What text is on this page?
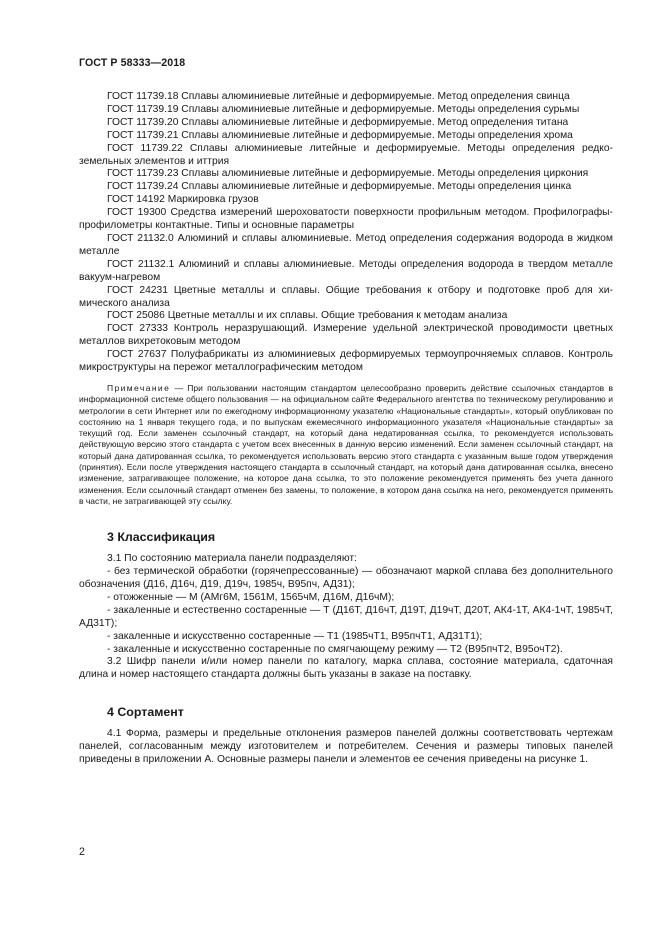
ГОСТ Р 58333—2018

ГОСТ 11739.18 Сплавы алюминиевые литейные и деформируемые. Метод определения свинца

ГОСТ 11739.19 Сплавы алюминиевые литейные и деформируемые. Методы определения сурьмы

ГОСТ 11739.20 Сплавы алюминиевые литейные и деформируемые. Метод определения титана

ГОСТ 11739.21 Сплавы алюминиевые литейные и деформируемые. Методы определения хрома

ГОСТ 11739.22 Сплавы алюминиевые литейные и деформируемые. Методы определения редкоземельных элементов и иттрия

ГОСТ 11739.23 Сплавы алюминиевые литейные и деформируемые. Методы определения циркония

ГОСТ 11739.24 Сплавы алюминиевые литейные и деформируемые. Методы определения цинка

ГОСТ 14192 Маркировка грузов

ГОСТ 19300 Средства измерений шероховатости поверхности профильным методом. Профилографы-профилометры контактные. Типы и основные параметры

ГОСТ 21132.0 Алюминий и сплавы алюминиевые. Метод определения содержания водорода в жидком металле

ГОСТ 21132.1 Алюминий и сплавы алюминиевые. Методы определения водорода в твердом металле вакуум-нагревом

ГОСТ 24231 Цветные металлы и сплавы. Общие требования к отбору и подготовке проб для химического анализа

ГОСТ 25086 Цветные металлы и их сплавы. Общие требования к методам анализа

ГОСТ 27333 Контроль неразрушающий. Измерение удельной электрической проводимости цветных металлов вихретоковым методом

ГОСТ 27637 Полуфабрикаты из алюминиевых деформируемых термоупрочняемых сплавов. Контроль микроструктуры на пережог металлографическим методом

Примечание — При пользовании настоящим стандартом целесообразно проверить действие ссылочных стандартов в информационной системе общего пользования — на официальном сайте Федерального агентства по техническому регулированию и метрологии в сети Интернет или по ежегодному информационному указателю «Национальные стандарты», который опубликован по состоянию на 1 января текущего года, и по выпускам ежемесячного информационного указателя «Национальные стандарты» за текущий год. Если заменен ссылочный стандарт, на который дана недатированная ссылка, то рекомендуется использовать действующую версию этого стандарта с учетом всех внесенных в данную версию изменений. Если заменен ссылочный стандарт, на который дана датированная ссылка, то рекомендуется использовать версию этого стандарта с указанным выше годом утверждения (принятия). Если после утверждения настоящего стандарта в ссылочный стандарт, на который дана датированная ссылка, внесено изменение, затрагивающее положение, на которое дана ссылка, то это положение рекомендуется применять без учета данного изменения. Если ссылочный стандарт отменен без замены, то положение, в котором дана ссылка на него, рекомендуется применять в части, не затрагивающей эту ссылку.

3 Классификация

3.1 По состоянию материала панели подразделяют:

- без термической обработки (горячепрессованные) — обозначают маркой сплава без дополнительного обозначения (Д16, Д16ч, Д19, Д19ч, 1985ч, В95пч, АД31);

- отожженные — М (АМг6М, 1561М, 1565чМ, Д16М, Д16чМ);

- закаленные и естественно состаренные — Т (Д16Т, Д16чТ, Д19Т, Д19чТ, Д20Т, АК4-1Т, АК4-1чТ, 1985чТ, АД31Т);

- закаленные и искусственно состаренные — Т1 (1985чТ1, В95пчТ1, АД31Т1);

- закаленные и искусственно состаренные по смягчающему режиму — Т2 (В95пчТ2, В95очТ2).

3.2 Шифр панели и/или номер панели по каталогу, марка сплава, состояние материала, сдаточная длина и номер настоящего стандарта должны быть указаны в заказе на поставку.

4 Сортамент

4.1 Форма, размеры и предельные отклонения размеров панелей должны соответствовать чертежам панелей, согласованным между изготовителем и потребителем. Сечения и размеры типовых панелей приведены в приложении А. Основные размеры панели и элементов ее сечения приведены на рисунке 1.

2
